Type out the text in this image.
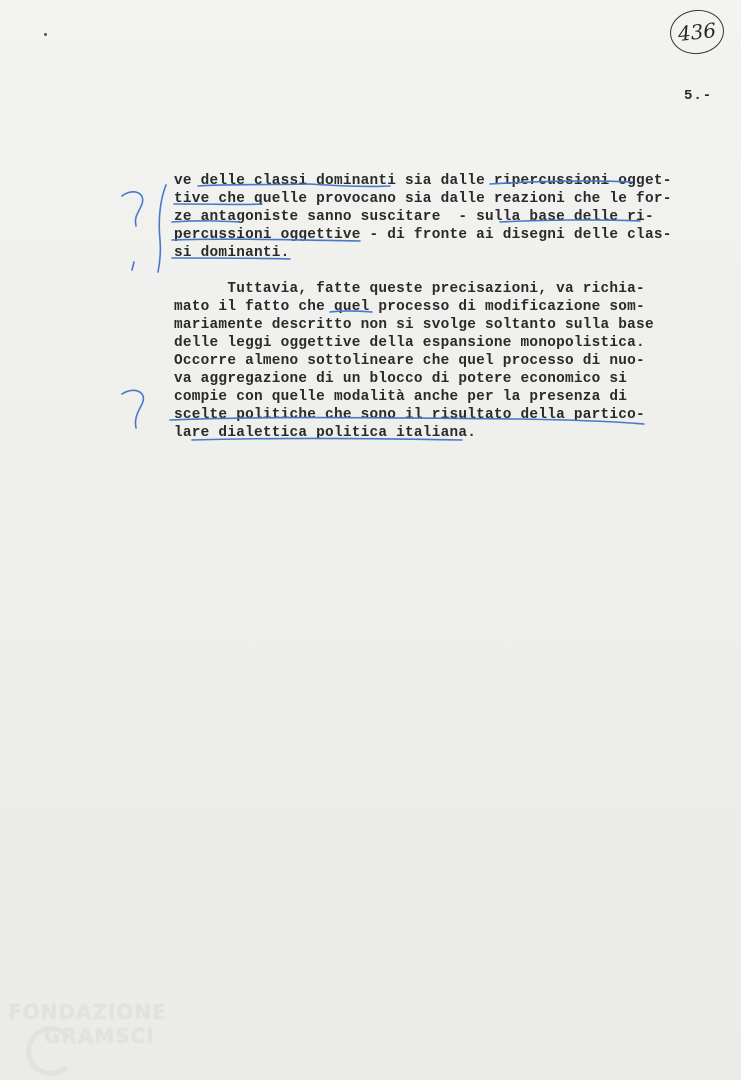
436
5.-
ve delle classi dominanti sia dalle ripercussioni ogget-
tive che quelle provocano sia dalle reazioni che le for-
ze antagoniste sanno suscitare  - sulla base delle ri-
percussioni oggettive - di fronte ai disegni delle clas-
si dominanti.
Tuttavia, fatte queste precisazioni, va richia-
mato il fatto che quel processo di modificazione som-
mariamente descritto non si svolge soltanto sulla base
delle leggi oggettive della espansione monopolistica.
Occorre almeno sottolineare che quel processo di nuo-
va aggregazione di un blocco di potere economico si
compie con quelle modalità anche per la presenza di
scelte politiche che sono il risultato della partico-
lare dialettica politica italiana.
FONDAZIONE
GRAMSCI
